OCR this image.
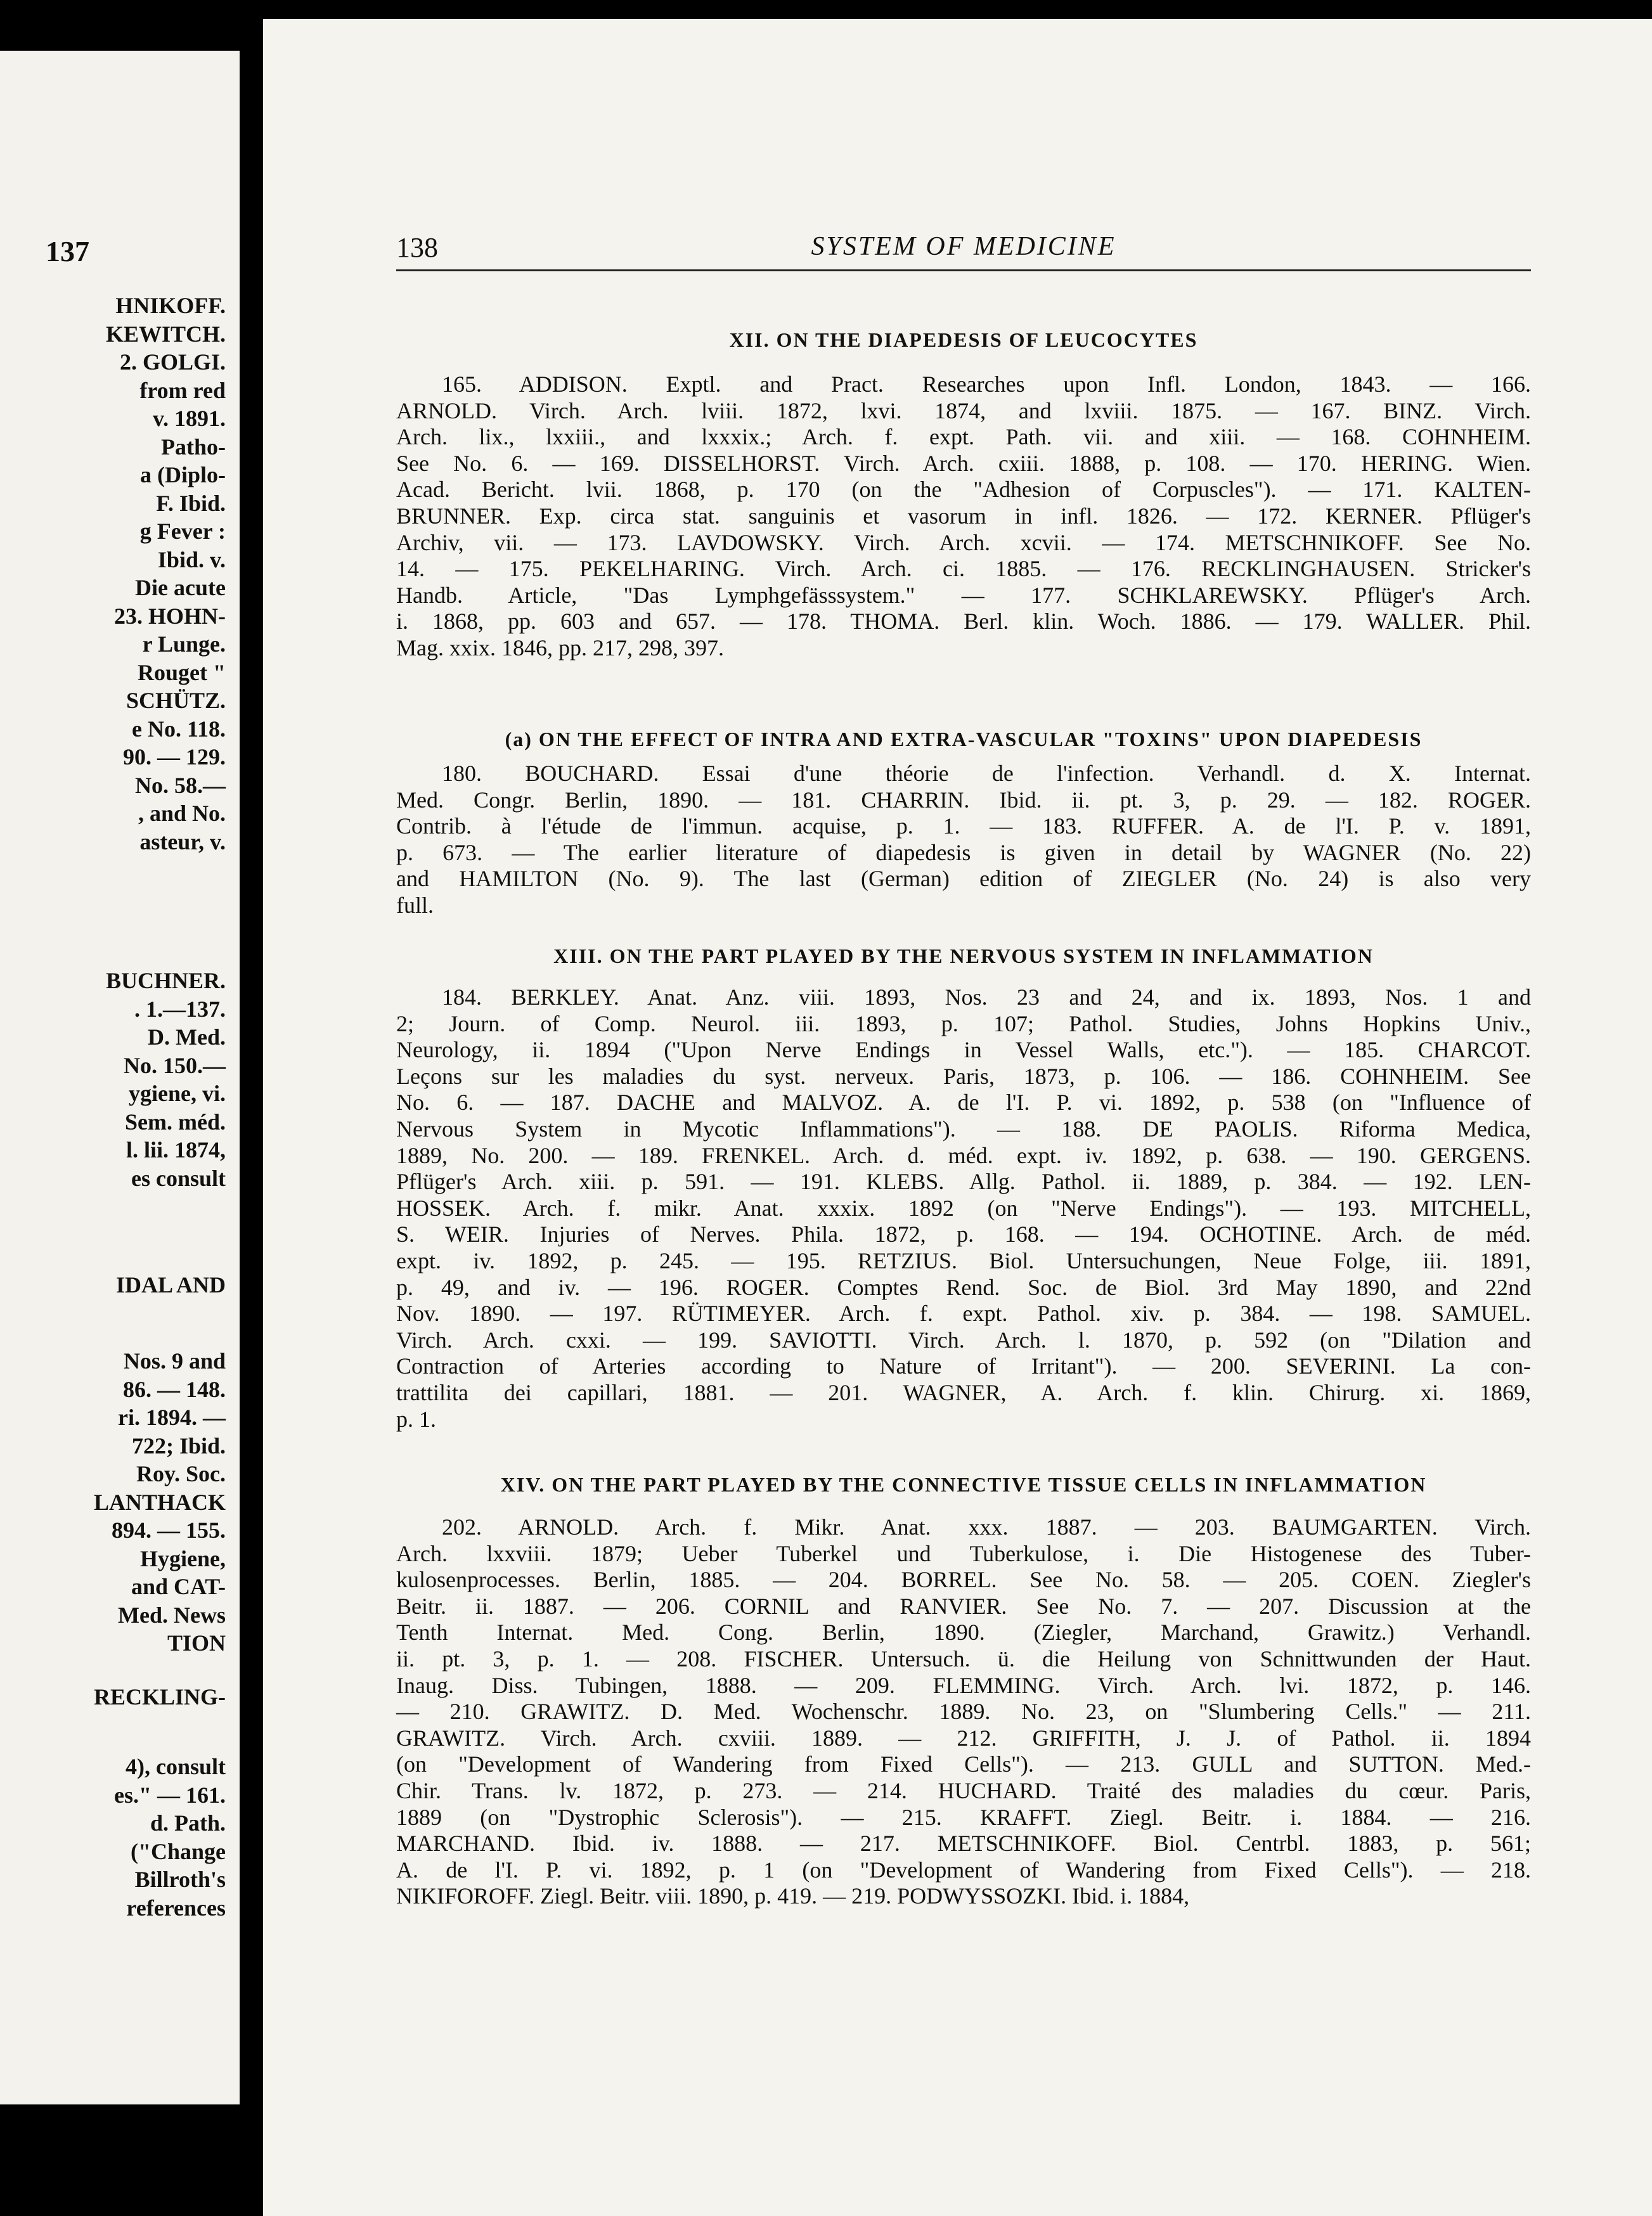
137
HNIKOFF.
KEWITCH.
2. GOLGI.
from red
v. 1891.
Patho-
a (Diplo-
F. Ibid.
g Fever :
Ibid. v.
Die acute
23. HOHN-
r Lunge.
Rouget "
SCHÜTZ.
e No. 118.
90. — 129.
No. 58.—
, and No.
asteur, v.
BUCHNER.
. 1.—137.
D. Med.
No. 150.—
ygiene, vi.
Sem. méd.
l. lii. 1874,
es consult
IDAL AND
Nos. 9 and
86. — 148.
ri. 1894. —
722; Ibid.
Roy. Soc.
LANTHACK
894. — 155.
Hygiene,
and CAT-
Med. News
TION
RECKLING-
4), consult
es." — 161.
d. Path.
("Change
Billroth's
references
138	SYSTEM OF MEDICINE
XII. ON THE DIAPEDESIS OF LEUCOCYTES
165. ADDISON. Exptl. and Pract. Researches upon Infl. London, 1843. — 166.
ARNOLD. Virch. Arch. lviii. 1872, lxvi. 1874, and lxviii. 1875. — 167. BINZ. Virch.
Arch. lix., lxxiii., and lxxxix.; Arch. f. expt. Path. vii. and xiii. — 168. COHNHEIM.
See No. 6. — 169. DISSELHORST. Virch. Arch. cxiii. 1888, p. 108. — 170. HERING. Wien.
Acad. Bericht. lvii. 1868, p. 170 (on the "Adhesion of Corpuscles"). — 171. KALTEN-
BRUNNER. Exp. circa stat. sanguinis et vasorum in infl. 1826. — 172. KERNER. Pflüger's
Archiv, vii. — 173. LAVDOWSKY. Virch. Arch. xcvii. — 174. METSCHNIKOFF. See No.
14. — 175. PEKELHARING. Virch. Arch. ci. 1885. — 176. RECKLINGHAUSEN. Stricker's
Handb. Article, "Das Lymphgefässsystem." — 177. SCHKLAREWSKY. Pflüger's Arch.
i. 1868, pp. 603 and 657. — 178. THOMA. Berl. klin. Woch. 1886. — 179. WALLER. Phil.
Mag. xxix. 1846, pp. 217, 298, 397.
(a) ON THE EFFECT OF INTRA AND EXTRA-VASCULAR "TOXINS" UPON DIAPEDESIS
180. BOUCHARD. Essai d'une théorie de l'infection. Verhandl. d. X. Internat.
Med. Congr. Berlin, 1890. — 181. CHARRIN. Ibid. ii. pt. 3, p. 29. — 182. ROGER.
Contrib. à l'étude de l'immun. acquise, p. 1. — 183. RUFFER. A. de l'I. P. v. 1891,
p. 673. — The earlier literature of diapedesis is given in detail by WAGNER (No. 22)
and HAMILTON (No. 9). The last (German) edition of ZIEGLER (No. 24) is also very
full.
XIII. ON THE PART PLAYED BY THE NERVOUS SYSTEM IN INFLAMMATION
184. BERKLEY. Anat. Anz. viii. 1893, Nos. 23 and 24, and ix. 1893, Nos. 1 and
2; Journ. of Comp. Neurol. iii. 1893, p. 107; Pathol. Studies, Johns Hopkins Univ.,
Neurology, ii. 1894 ("Upon Nerve Endings in Vessel Walls, etc."). — 185. CHARCOT.
Leçons sur les maladies du syst. nerveux. Paris, 1873, p. 106. — 186. COHNHEIM. See
No. 6. — 187. DACHE and MALVOZ. A. de l'I. P. vi. 1892, p. 538 (on "Influence of
Nervous System in Mycotic Inflammations"). — 188. DE PAOLIS. Riforma Medica,
1889, No. 200. — 189. FRENKEL. Arch. d. méd. expt. iv. 1892, p. 638. — 190. GERGENS.
Pflüger's Arch. xiii. p. 591. — 191. KLEBS. Allg. Pathol. ii. 1889, p. 384. — 192. LEN-
HOSSEK. Arch. f. mikr. Anat. xxxix. 1892 (on "Nerve Endings"). — 193. MITCHELL,
S. WEIR. Injuries of Nerves. Phila. 1872, p. 168. — 194. OCHOTINE. Arch. de méd.
expt. iv. 1892, p. 245. — 195. RETZIUS. Biol. Untersuchungen, Neue Folge, iii. 1891,
p. 49, and iv. — 196. ROGER. Comptes Rend. Soc. de Biol. 3rd May 1890, and 22nd
Nov. 1890. — 197. RÜTIMEYER. Arch. f. expt. Pathol. xiv. p. 384. — 198. SAMUEL.
Virch. Arch. cxxi. — 199. SAVIOTTI. Virch. Arch. l. 1870, p. 592 (on "Dilation and
Contraction of Arteries according to Nature of Irritant"). — 200. SEVERINI. La con-
trattilita dei capillari, 1881. — 201. WAGNER, A. Arch. f. klin. Chirurg. xi. 1869,
p. 1.
XIV. ON THE PART PLAYED BY THE CONNECTIVE TISSUE CELLS IN INFLAMMATION
202. ARNOLD. Arch. f. Mikr. Anat. xxx. 1887. — 203. BAUMGARTEN. Virch.
Arch. lxxviii. 1879; Ueber Tuberkel und Tuberkulose, i. Die Histogenese des Tuber-
kulosenprocesses. Berlin, 1885. — 204. BORREL. See No. 58. — 205. COEN. Ziegler's
Beitr. ii. 1887. — 206. CORNIL and RANVIER. See No. 7. — 207. Discussion at the
Tenth Internat. Med. Cong. Berlin, 1890. (Ziegler, Marchand, Grawitz.) Verhandl.
ii. pt. 3, p. 1. — 208. FISCHER. Untersuch. ü. die Heilung von Schnittwunden der Haut.
Inaug. Diss. Tubingen, 1888. — 209. FLEMMING. Virch. Arch. lvi. 1872, p. 146.
— 210. GRAWITZ. D. Med. Wochenschr. 1889. No. 23, on "Slumbering Cells." — 211.
GRAWITZ. Virch. Arch. cxviii. 1889. — 212. GRIFFITH, J. J. of Pathol. ii. 1894
(on "Development of Wandering from Fixed Cells"). — 213. GULL and SUTTON. Med.-
Chir. Trans. lv. 1872, p. 273. — 214. HUCHARD. Traité des maladies du cœur. Paris,
1889 (on "Dystrophic Sclerosis"). — 215. KRAFFT. Ziegl. Beitr. i. 1884. — 216.
MARCHAND. Ibid. iv. 1888. — 217. METSCHNIKOFF. Biol. Centrbl. 1883, p. 561;
A. de l'I. P. vi. 1892, p. 1 (on "Development of Wandering from Fixed Cells"). — 218.
NIKIFOROFF. Ziegl. Beitr. viii. 1890, p. 419. — 219. PODWYSSOZKI. Ibid. i. 1884,
